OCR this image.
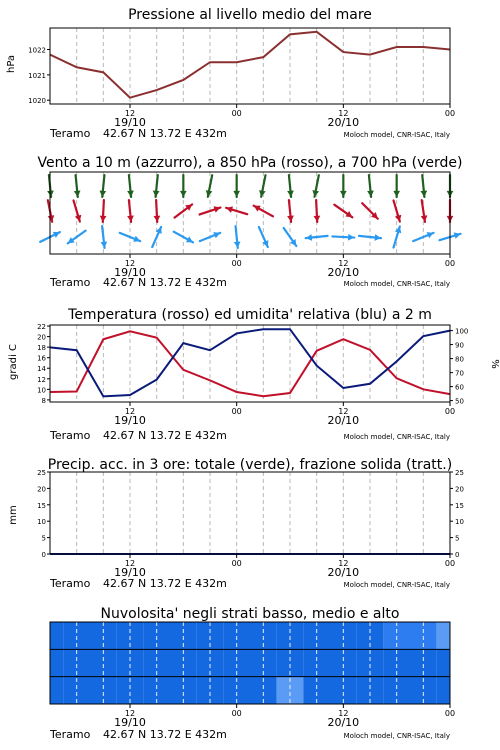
Pressione al livello medio del mare
hPa
1020
1021
1022
12	00	12	00
19/10	20/10
Teramo 42.67 N 13.72 E 432m	Moloch model, CNR-ISAC, Italy
Vento a 10 m (azzurro), a 850 hPa (rosso), a 700 hPa (verde)
12	00	12	00
19/10	20/10
Teramo 42.67 N 13.72 E 432m	Moloch model, CNR-ISAC, Italy
Temperatura (rosso) ed umidita' relativa (blu) a 2 m
gradi C	%
8
10
12
14
16
18
20
22
50
60
70
80
90
100
12	00	12	00
19/10	20/10
Teramo 42.67 N 13.72 E 432m	Moloch model, CNR-ISAC, Italy
Precip. acc. in 3 ore: totale (verde), frazione solida (tratt.)
mm
0
5
10
15
20
25
0
5
10
15
20
25
12	00	12	00
19/10	20/10
Teramo 42.67 N 13.72 E 432m	Moloch model, CNR-ISAC, Italy
Nuvolosita' negli strati basso, medio e alto
12	00	12	00
19/10	20/10
Teramo 42.67 N 13.72 E 432m	Moloch model, CNR-ISAC, Italy
